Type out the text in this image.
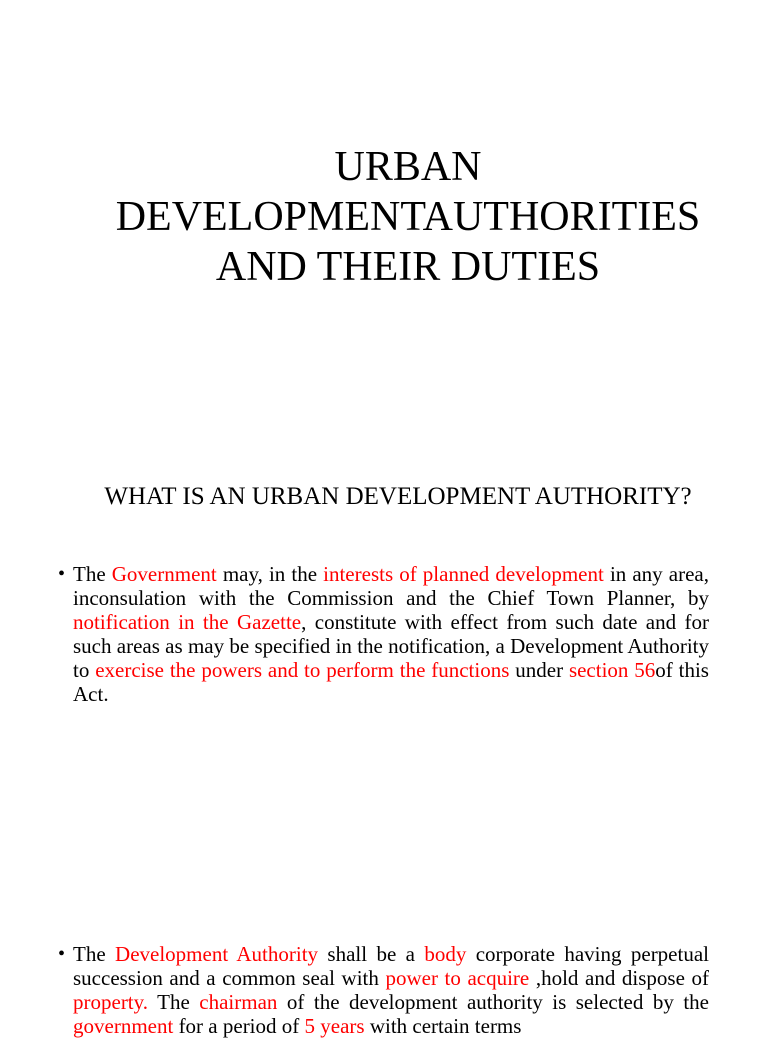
URBAN DEVELOPMENTAUTHORITIES AND THEIR DUTIES
WHAT IS AN URBAN DEVELOPMENT AUTHORITY?
• The Government may, in the interests of planned development in any area, inconsulation with the Commission and the Chief Town Planner, by notification in the Gazette, constitute with effect from such date and for such areas as may be specified in the notification, a Development Authority to exercise the powers and to perform the functions under section 56of this Act.
• The Development Authority shall be a body corporate having perpetual succession and a common seal with power to acquire ,hold and dispose of property. The chairman of the development authority is selected by the government for a period of 5 years with certain terms
